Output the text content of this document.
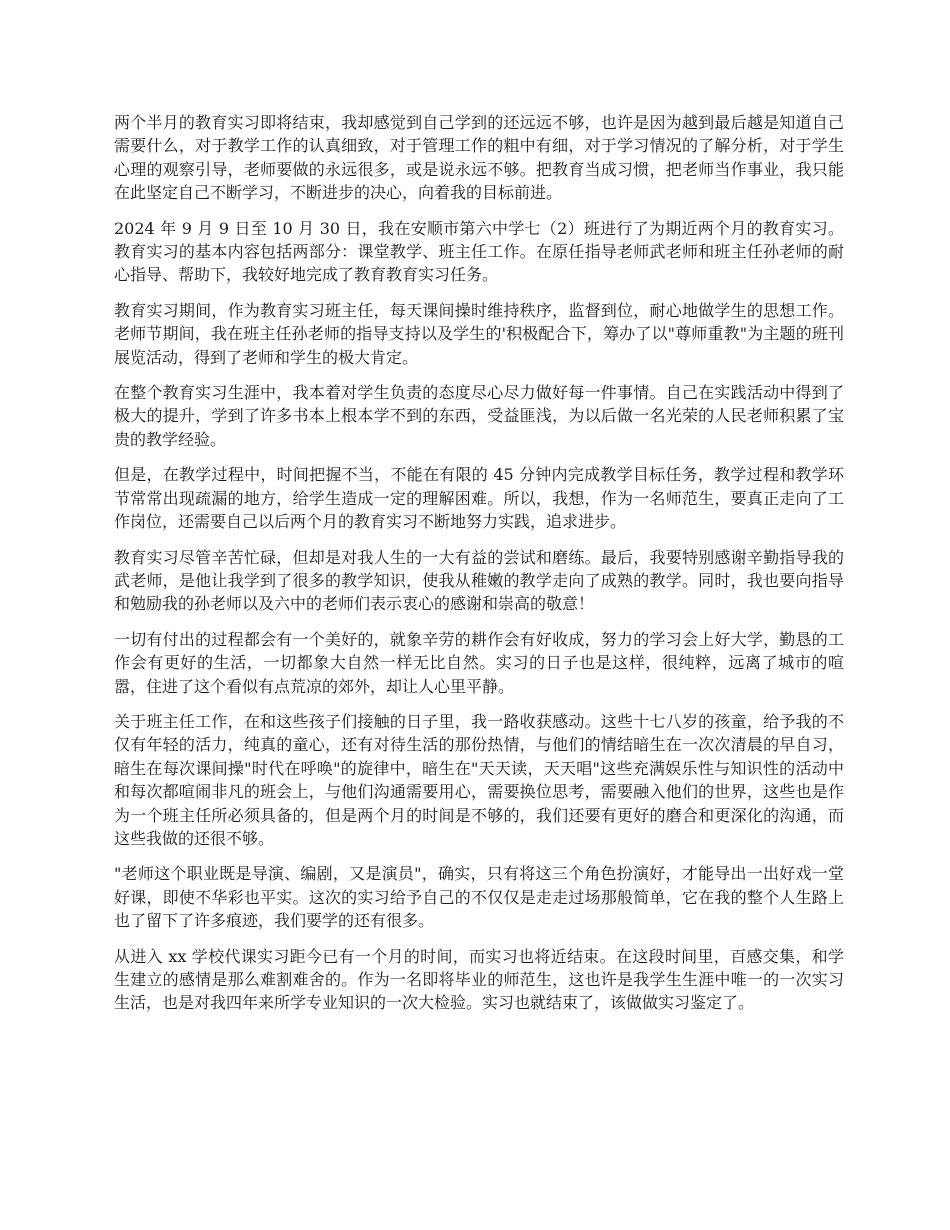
两个半月的教育实习即将结束，我却感觉到自己学到的还远远不够，也许是因为越到最后越是知道自己需要什么，对于教学工作的认真细致，对于管理工作的粗中有细，对于学习情况的了解分析，对于学生心理的观察引导，老师要做的永远很多，或是说永远不够。把教育当成习惯，把老师当作事业，我只能在此坚定自己不断学习，不断进步的决心，向着我的目标前进。

2024 年 9 月 9 日至 10 月 30 日，我在安顺市第六中学七（2）班进行了为期近两个月的教育实习。教育实习的基本内容包括两部分：课堂教学、班主任工作。在原任指导老师武老师和班主任孙老师的耐心指导、帮助下，我较好地完成了教育教育实习任务。

教育实习期间，作为教育实习班主任，每天课间操时维持秩序，监督到位，耐心地做学生的思想工作。老师节期间，我在班主任孙老师的指导支持以及学生的'积极配合下，筹办了以"尊师重教"为主题的班刊展览活动，得到了老师和学生的极大肯定。

在整个教育实习生涯中，我本着对学生负责的态度尽心尽力做好每一件事情。自己在实践活动中得到了极大的提升，学到了许多书本上根本学不到的东西，受益匪浅，为以后做一名光荣的人民老师积累了宝贵的教学经验。

但是，在教学过程中，时间把握不当，不能在有限的 45 分钟内完成教学目标任务，教学过程和教学环节常常出现疏漏的地方，给学生造成一定的理解困难。所以，我想，作为一名师范生，要真正走向了工作岗位，还需要自己以后两个月的教育实习不断地努力实践，追求进步。

教育实习尽管辛苦忙碌，但却是对我人生的一大有益的尝试和磨练。最后，我要特别感谢辛勤指导我的武老师，是他让我学到了很多的教学知识，使我从稚嫩的教学走向了成熟的教学。同时，我也要向指导和勉励我的孙老师以及六中的老师们表示衷心的感谢和崇高的敬意！

一切有付出的过程都会有一个美好的，就象辛劳的耕作会有好收成，努力的学习会上好大学，勤恳的工作会有更好的生活，一切都象大自然一样无比自然。实习的日子也是这样，很纯粹，远离了城市的喧嚣，住进了这个看似有点荒凉的郊外，却让人心里平静。

关于班主任工作，在和这些孩子们接触的日子里，我一路收获感动。这些十七八岁的孩童，给予我的不仅有年轻的活力，纯真的童心，还有对待生活的那份热情，与他们的情结暗生在一次次清晨的早自习，暗生在每次课间操"时代在呼唤"的旋律中，暗生在"天天读，天天唱"这些充满娱乐性与知识性的活动中和每次都喧闹非凡的班会上，与他们沟通需要用心，需要换位思考，需要融入他们的世界，这些也是作为一个班主任所必须具备的，但是两个月的时间是不够的，我们还要有更好的磨合和更深化的沟通，而这些我做的还很不够。

"老师这个职业既是导演、编剧，又是演员"，确实，只有将这三个角色扮演好，才能导出一出好戏一堂好课，即使不华彩也平实。这次的实习给予自己的不仅仅是走走过场那般简单，它在我的整个人生路上也了留下了许多痕迹，我们要学的还有很多。

从进入 xx 学校代课实习距今已有一个月的时间，而实习也将近结束。在这段时间里，百感交集，和学生建立的感情是那么难割难舍的。作为一名即将毕业的师范生，这也许是我学生生涯中唯一的一次实习生活，也是对我四年来所学专业知识的一次大检验。实习也就结束了，该做做实习鉴定了。
